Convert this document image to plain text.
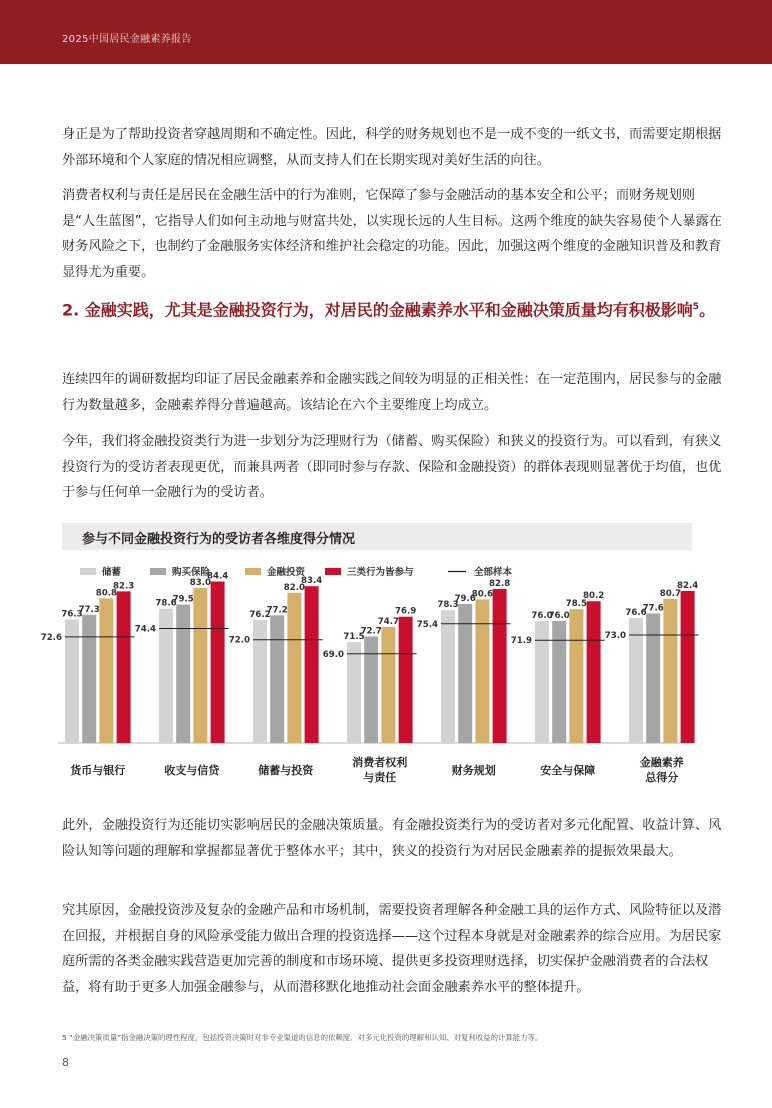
2025中国居民金融素养报告

身正是为了帮助投资者穿越周期和不确定性。因此，科学的财务规划也不是一成不变的一纸文书，而需要定期根据外部环境和个人家庭的情况相应调整，从而支持人们在长期实现对美好生活的向往。

消费者权利与责任是居民在金融生活中的行为准则，它保障了参与金融活动的基本安全和公平；而财务规划则是“人生蓝图”，它指导人们如何主动地与财富共处，以实现长远的人生目标。这两个维度的缺失容易使个人暴露在财务风险之下，也制约了金融服务实体经济和维护社会稳定的功能。因此，加强这两个维度的金融知识普及和教育显得尤为重要。

2. 金融实践，尤其是金融投资行为，对居民的金融素养水平和金融决策质量均有积极影响$^5$。

连续四年的调研数据均印证了居民金融素养和金融实践之间较为明显的正相关性：在一定范围内，居民参与的金融行为数量越多，金融素养得分普遍越高。该结论在六个主要维度上均成立。

今年，我们将金融投资类行为进一步划分为泛理财行为（储蓄、购买保险）和狭义的投资行为。可以看到，有狭义投资行为的受访者表现更优，而兼具两者（即同时参与存款、保险和金融投资）的群体表现则显著优于均值，也优于参与任何单一金融行为的受访者。

参与不同金融投资行为的受访者各维度得分情况
储蓄	购买保险	金融投资	三类行为皆参与	全部样本
76.3
77.3
80.8
82.3
72.6
货币与银行
78.6
79.5
83.0
84.4
74.4
收支与信贷
76.2
77.2
82.0
83.4
72.0
储蓄与投资
71.5
72.7
74.7
76.9
69.0
消费者权利
与责任
78.3
79.6
80.6
82.8
75.4
财务规划
76.0
76.0
78.5
80.2
71.9
安全与保障
76.6
77.6
80.7
82.4
73.0
金融素养
总得分

此外，金融投资行为还能切实影响居民的金融决策质量。有金融投资类行为的受访者对多元化配置、收益计算、风险认知等问题的理解和掌握都显著优于整体水平；其中，狭义的投资行为对居民金融素养的提振效果最大。

究其原因，金融投资涉及复杂的金融产品和市场机制，需要投资者理解各种金融工具的运作方式、风险特征以及潜在回报，并根据自身的风险承受能力做出合理的投资选择——这个过程本身就是对金融素养的综合应用。为居民家庭所需的各类金融实践营造更加完善的制度和市场环境、提供更多投资理财选择，切实保护金融消费者的合法权益，将有助于更多人加强金融参与，从而潜移默化地推动社会面金融素养水平的整体提升。

5 “金融决策质量”指金融决策的理性程度，包括投资决策时对非专业渠道的信息的依赖度、对多元化投资的理解和认知、对复利收益的计算能力等。

8
